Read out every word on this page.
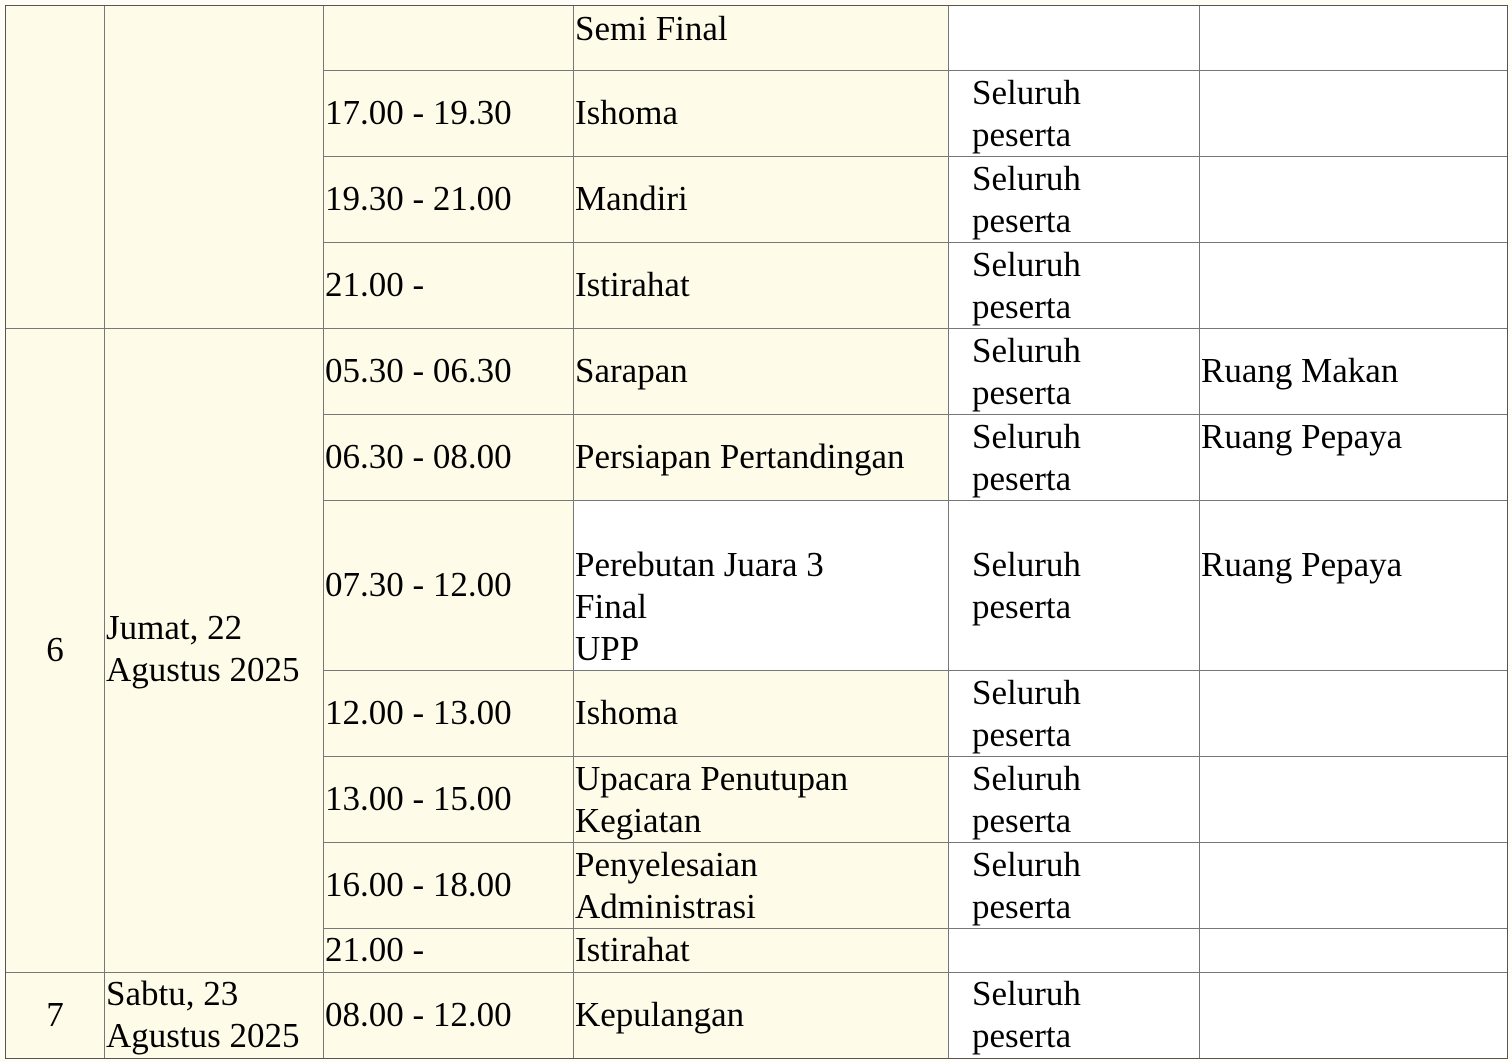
Semi Final
17.00 - 19.30 Ishoma
Seluruh
peserta
19.30 - 21.00 Mandiri
Seluruh
peserta
21.00 -	Istirahat
Seluruh
peserta
6
Jumat, 22
Agustus 2025
05.30 - 06.30 Sarapan
Seluruh
peserta
Ruang Makan
06.30 - 08.00 Persiapan Pertandingan
Seluruh
peserta
Ruang Pepaya
07.30 - 12.00
Perebutan Juara 3
Final
UPP
Seluruh
peserta
Ruang Pepaya
12.00 - 13.00 Ishoma
Seluruh
peserta
13.00 - 15.00
Upacara Penutupan
Kegiatan
Seluruh
peserta
16.00 - 18.00
Penyelesaian
Administrasi
Seluruh
peserta
21.00 -	Istirahat
7
Sabtu, 23
Agustus 2025
08.00 - 12.00 Kepulangan
Seluruh
peserta
